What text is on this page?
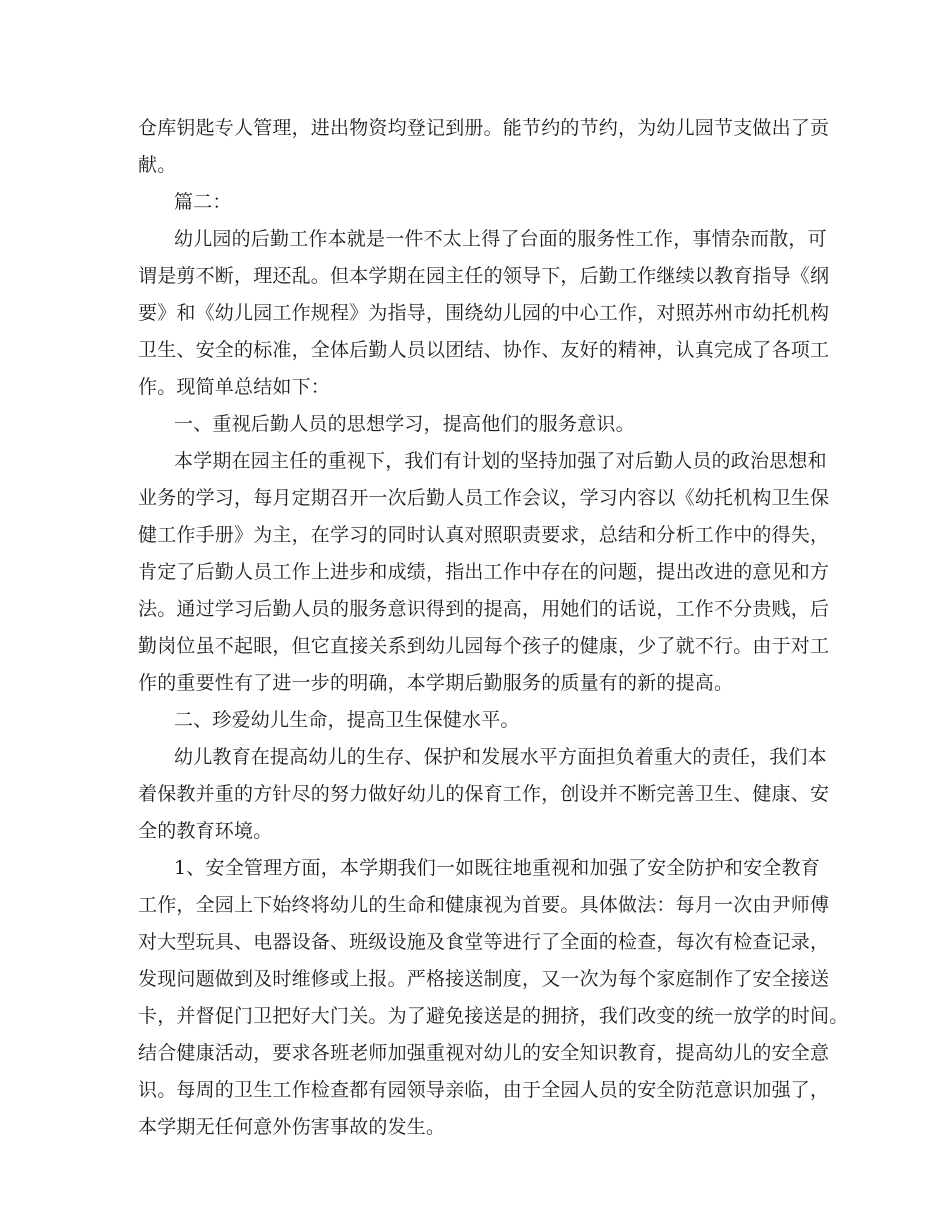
仓库钥匙专人管理，进出物资均登记到册。能节约的节约，为幼儿园节支做出了贡
献。
篇二：
幼儿园的后勤工作本就是一件不太上得了台面的服务性工作，事情杂而散，可
谓是剪不断，理还乱。但本学期在园主任的领导下，后勤工作继续以教育指导《纲
要》和《幼儿园工作规程》为指导，围绕幼儿园的中心工作，对照苏州市幼托机构
卫生、安全的标准，全体后勤人员以团结、协作、友好的精神，认真完成了各项工
作。现简单总结如下：
一、重视后勤人员的思想学习，提高他们的服务意识。
本学期在园主任的重视下，我们有计划的坚持加强了对后勤人员的政治思想和
业务的学习，每月定期召开一次后勤人员工作会议，学习内容以《幼托机构卫生保
健工作手册》为主，在学习的同时认真对照职责要求，总结和分析工作中的得失，
肯定了后勤人员工作上进步和成绩，指出工作中存在的问题，提出改进的意见和方
法。通过学习后勤人员的服务意识得到的提高，用她们的话说，工作不分贵贱，后
勤岗位虽不起眼，但它直接关系到幼儿园每个孩子的健康，少了就不行。由于对工
作的重要性有了进一步的明确，本学期后勤服务的质量有的新的提高。
二、珍爱幼儿生命，提高卫生保健水平。
幼儿教育在提高幼儿的生存、保护和发展水平方面担负着重大的责任，我们本
着保教并重的方针尽的努力做好幼儿的保育工作，创设并不断完善卫生、健康、安
全的教育环境。
1、安全管理方面，本学期我们一如既往地重视和加强了安全防护和安全教育
工作，全园上下始终将幼儿的生命和健康视为首要。具体做法：每月一次由尹师傅
对大型玩具、电器设备、班级设施及食堂等进行了全面的检查，每次有检查记录，
发现问题做到及时维修或上报。严格接送制度，又一次为每个家庭制作了安全接送
卡，并督促门卫把好大门关。为了避免接送是的拥挤，我们改变的统一放学的时间。
结合健康活动，要求各班老师加强重视对幼儿的安全知识教育，提高幼儿的安全意
识。每周的卫生工作检查都有园领导亲临，由于全园人员的安全防范意识加强了，
本学期无任何意外伤害事故的发生。
